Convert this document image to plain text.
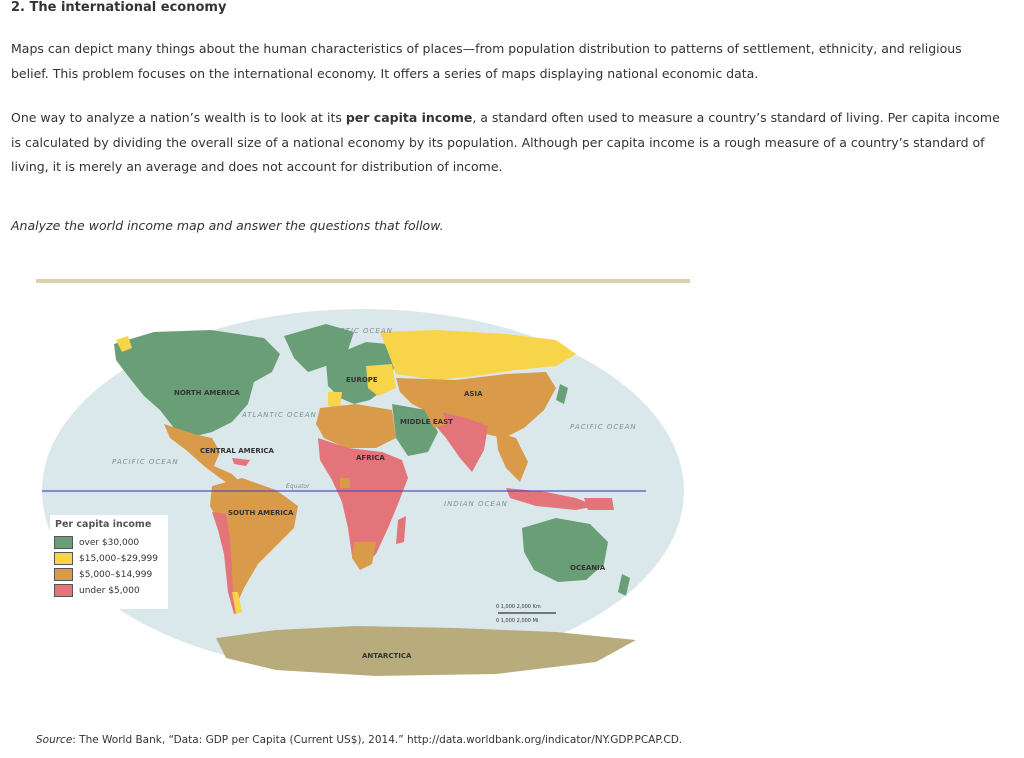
2. The international economy
Maps can depict many things about the human characteristics of places—from population distribution to patterns of settlement, ethnicity, and religious belief. This problem focuses on the international economy. It offers a series of maps displaying national economic data.
One way to analyze a nation’s wealth is to look at its per capita income, a standard often used to measure a country’s standard of living. Per capita income is calculated by dividing the overall size of a national economy by its population. Although per capita income is a rough measure of a country’s standard of living, it is merely an average and does not account for distribution of income.
Analyze the world income map and answer the questions that follow.
Equator
ARCTIC OCEAN
ATLANTIC OCEAN
PACIFIC OCEAN
PACIFIC OCEAN
INDIAN OCEAN
NORTH AMERICA
CENTRAL AMERICA
SOUTH AMERICA
EUROPE
ASIA
MIDDLE EAST
AFRICA
OCEANIA
ANTARCTICA
0 1,000 2,000 Km
0 1,000 2,000 Mi
Per capita income
over $30,000
$15,000–$29,999
$5,000–$14,999
under $5,000
Source: The World Bank, “Data: GDP per Capita (Current US$), 2014.” http://data.worldbank.org/indicator/NY.GDP.PCAP.CD.
